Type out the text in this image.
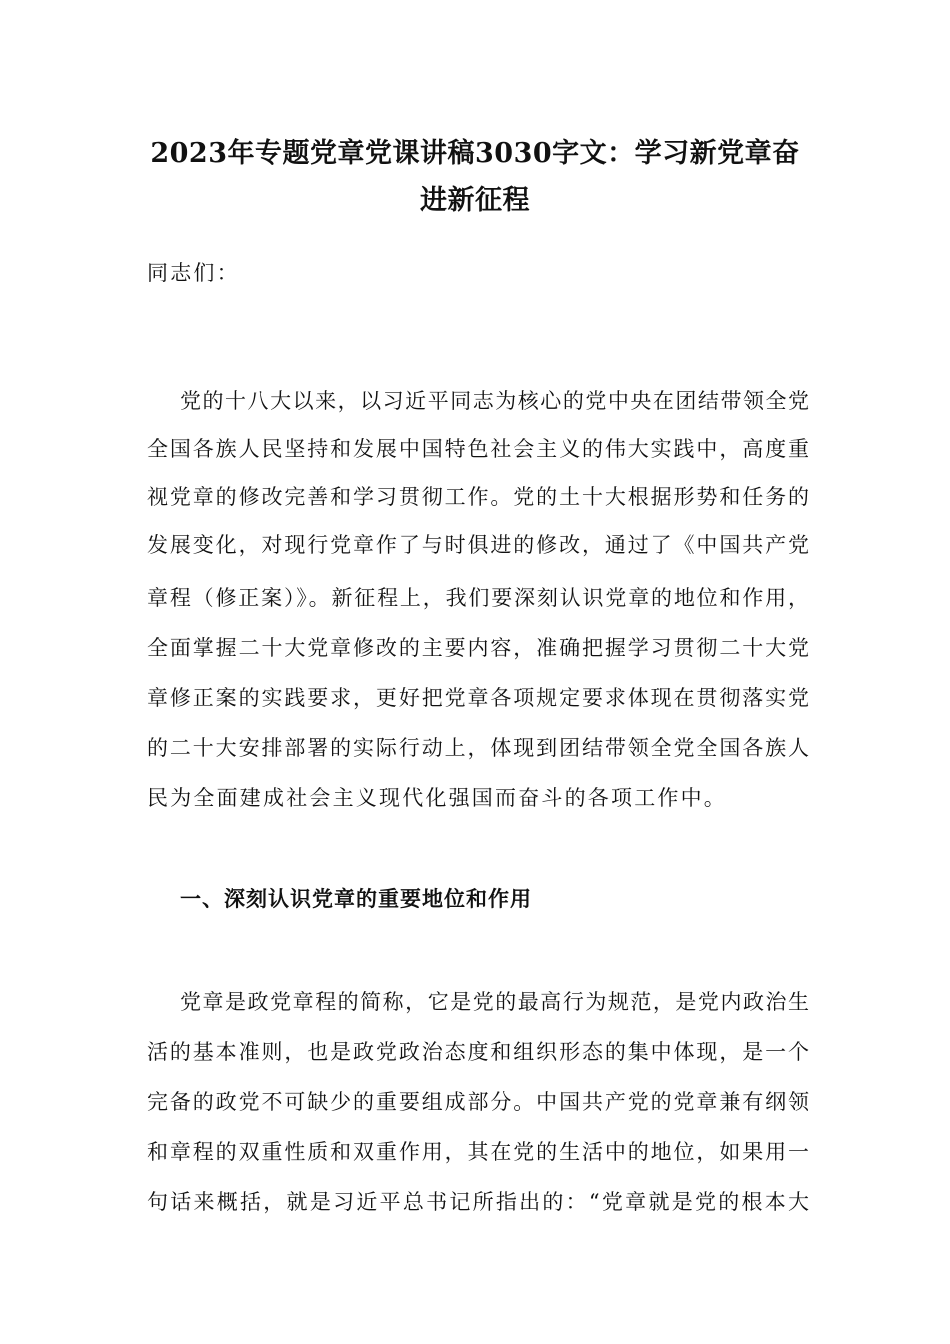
2023年专题党章党课讲稿3030字文：学习新党章奋
进新征程
同志们：
党的十八大以来，以习近平同志为核心的党中央在团结带领全党
全国各族人民坚持和发展中国特色社会主义的伟大实践中，高度重
视党章的修改完善和学习贯彻工作。党的土十大根据形势和任务的
发展变化，对现行党章作了与时俱进的修改，通过了《中国共产党
章程（修正案）》。新征程上，我们要深刻认识党章的地位和作用，
全面掌握二十大党章修改的主要内容，准确把握学习贯彻二十大党
章修正案的实践要求，更好把党章各项规定要求体现在贯彻落实党
的二十大安排部署的实际行动上，体现到团结带领全党全国各族人
民为全面建成社会主义现代化强国而奋斗的各项工作中。
一、深刻认识党章的重要地位和作用
党章是政党章程的简称，它是党的最高行为规范，是党内政治生
活的基本准则，也是政党政治态度和组织形态的集中体现，是一个
完备的政党不可缺少的重要组成部分。中国共产党的党章兼有纲领
和章程的双重性质和双重作用，其在党的生活中的地位，如果用一
句话来概括，就是习近平总书记所指出的：“党章就是党的根本大
